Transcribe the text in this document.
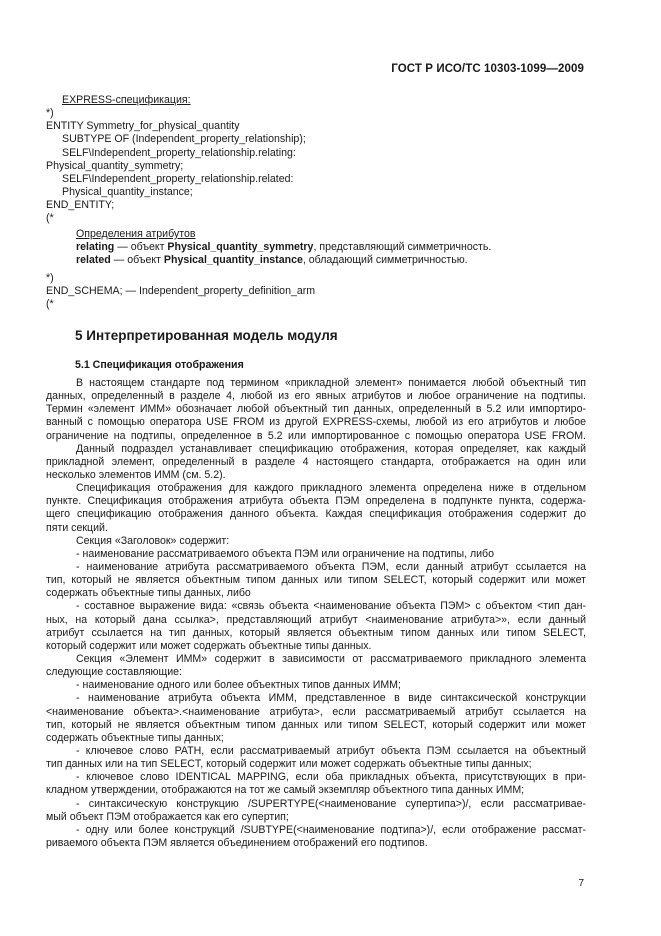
ГОСТ Р ИСО/ТС 10303-1099—2009
EXPRESS-спецификация:
*)
ENTITY Symmetry_for_physical_quantity
SUBTYPE OF (Independent_property_relationship);
SELF\Independent_property_relationship.relating:
Physical_quantity_symmetry;
SELF\Independent_property_relationship.related:
Physical_quantity_instance;
END_ENTITY;
(*
Определения атрибутов
relating — объект Physical_quantity_symmetry, представляющий симметричность.
related — объект Physical_quantity_instance, обладающий симметричностью.
*)
END_SCHEMA; — Independent_property_definition_arm
(*
5 Интерпретированная модель модуля
5.1 Спецификация отображения
В настоящем стандарте под термином «прикладной элемент» понимается любой объектный тип
данных, определенный в разделе 4, любой из его явных атрибутов и любое ограничение на подтипы.
Термин «элемент ИММ» обозначает любой объектный тип данных, определенный в 5.2 или импортиро-
ванный с помощью оператора USE FROM из другой EXPRESS-схемы, любой из его атрибутов и любое
ограничение на подтипы, определенное в 5.2 или импортированное с помощью оператора USE FROM.
Данный подраздел устанавливает спецификацию отображения, которая определяет, как каждый
прикладной элемент, определенный в разделе 4 настоящего стандарта, отображается на один или
несколько элементов ИММ (см. 5.2).
Спецификация отображения для каждого прикладного элемента определена ниже в отдельном
пункте. Спецификация отображения атрибута объекта ПЭМ определена в подпункте пункта, содержа-
щего спецификацию отображения данного объекта. Каждая спецификация отображения содержит до
пяти секций.
Секция «Заголовок» содержит:
- наименование рассматриваемого объекта ПЭМ или ограничение на подтипы, либо
- наименование атрибута рассматриваемого объекта ПЭМ, если данный атрибут ссылается на
тип, который не является объектным типом данных или типом SELECT, который содержит или может
содержать объектные типы данных, либо
- составное выражение вида: «связь объекта <наименование объекта ПЭМ> с объектом <тип дан-
ных, на который дана ссылка>, представляющий атрибут <наименование атрибута>», если данный
атрибут ссылается на тип данных, который является объектным типом данных или типом SELECT,
который содержит или может содержать объектные типы данных.
Секция «Элемент ИММ» содержит в зависимости от рассматриваемого прикладного элемента
следующие составляющие:
- наименование одного или более объектных типов данных ИММ;
- наименование атрибута объекта ИММ, представленное в виде синтаксической конструкции
<наименование объекта>.<наименование атрибута>, если рассматриваемый атрибут ссылается на
тип, который не является объектным типом данных или типом SELECT, который содержит или может
содержать объектные типы данных;
- ключевое слово PATH, если рассматриваемый атрибут объекта ПЭМ ссылается на объектный
тип данных или на тип SELECT, который содержит или может содержать объектные типы данных;
- ключевое слово IDENTICAL MAPPING, если оба прикладных объекта, присутствующих в при-
кладном утверждении, отображаются на тот же самый экземпляр объектного типа данных ИММ;
- синтаксическую конструкцию /SUPERTYPE(<наименование супертипа>)/, если рассматривае-
мый объект ПЭМ отображается как его супертип;
- одну или более конструкций /SUBTYPE(<наименование подтипа>)/, если отображение рассмат-
риваемого объекта ПЭМ является объединением отображений его подтипов.
7
